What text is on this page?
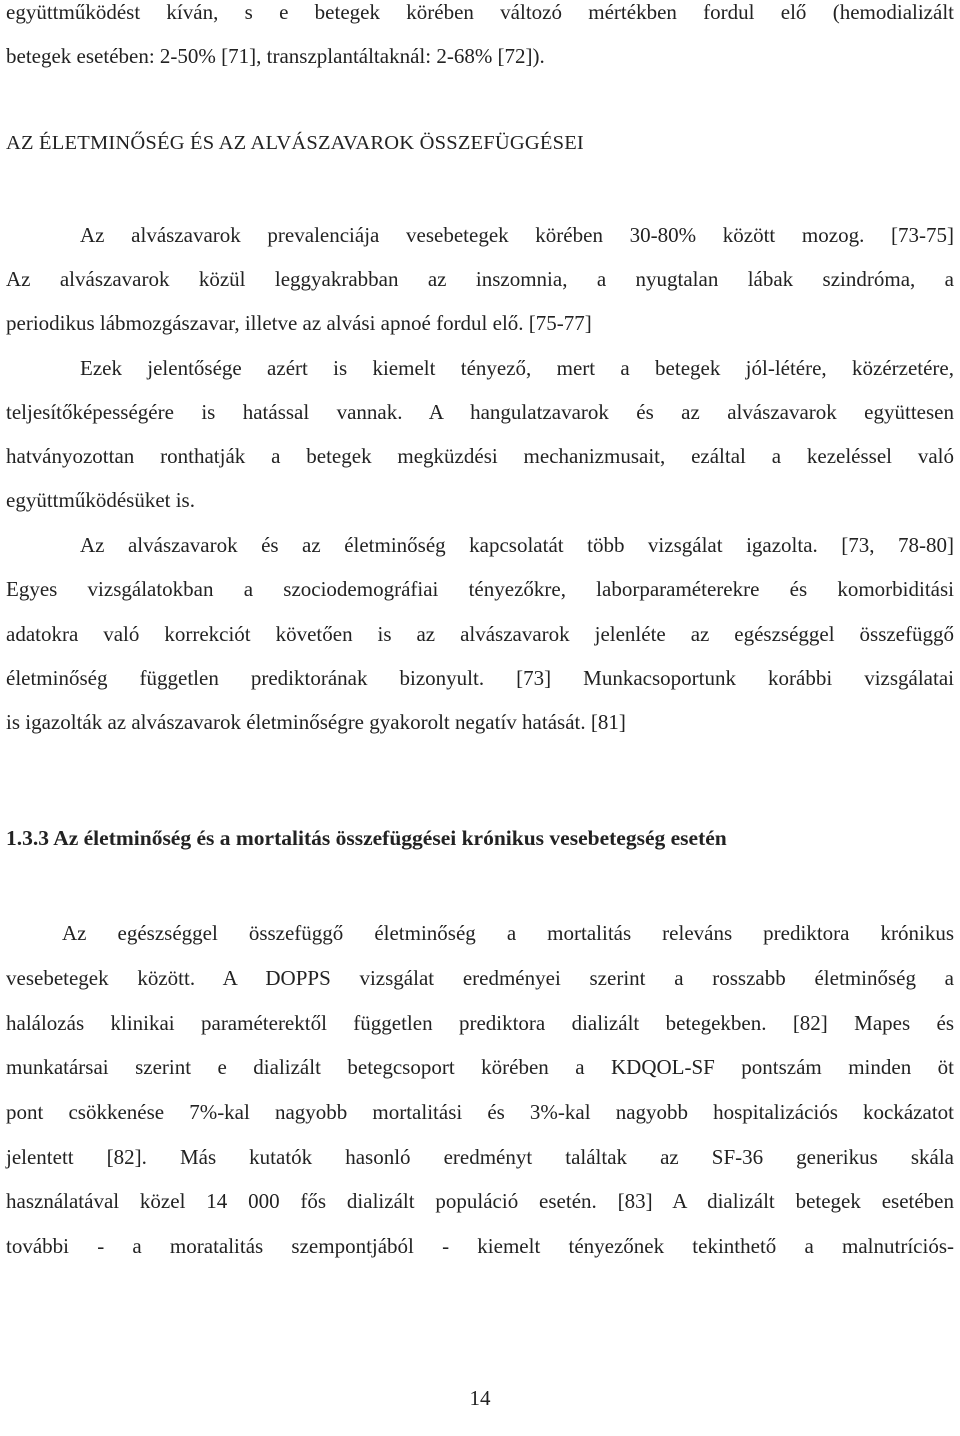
együttműködést kíván, s e betegek körében változó mértékben fordul elő (hemodializált
betegek esetében: 2-50% [71], transzplantáltaknál: 2-68% [72]).
AZ ÉLETMINŐSÉG ÉS AZ ALVÁSZAVAROK ÖSSZEFÜGGÉSEI
Az alvászavarok prevalenciája vesebetegek körében 30-80% között mozog. [73-75]
Az alvászavarok közül leggyakrabban az inszomnia, a nyugtalan lábak szindróma, a
periodikus lábmozgászavar, illetve az alvási apnoé fordul elő. [75-77]
Ezek jelentősége azért is kiemelt tényező, mert a betegek jól-létére, közérzetére,
teljesítőképességére is hatással vannak. A hangulatzavarok és az alvászavarok együttesen
hatványozottan ronthatják a betegek megküzdési mechanizmusait, ezáltal a kezeléssel való
együttműködésüket is.
Az alvászavarok és az életminőség kapcsolatát több vizsgálat igazolta. [73, 78-80]
Egyes vizsgálatokban a szociodemográfiai tényezőkre, laborparaméterekre és komorbiditási
adatokra való korrekciót követően is az alvászavarok jelenléte az egészséggel összefüggő
életminőség független prediktorának bizonyult. [73] Munkacsoportunk korábbi vizsgálatai
is igazolták az alvászavarok életminőségre gyakorolt negatív hatását. [81]
1.3.3 Az életminőség és a mortalitás összefüggései krónikus vesebetegség esetén
Az egészséggel összefüggő életminőség a mortalitás releváns prediktora krónikus
vesebetegek között. A DOPPS vizsgálat eredményei szerint a rosszabb életminőség a
halálozás klinikai paraméterektől független prediktora dializált betegekben. [82] Mapes és
munkatársai szerint e dializált betegcsoport körében a KDQOL-SF pontszám minden öt
pont csökkenése 7%-kal nagyobb mortalitási és 3%-kal nagyobb hospitalizációs kockázatot
jelentett [82]. Más kutatók hasonló eredményt találtak az SF-36 generikus skála
használatával közel 14 000 fős dializált populáció esetén. [83] A dializált betegek esetében
további - a moratalitás szempontjából - kiemelt tényezőnek tekinthető a malnutríciós-
14
